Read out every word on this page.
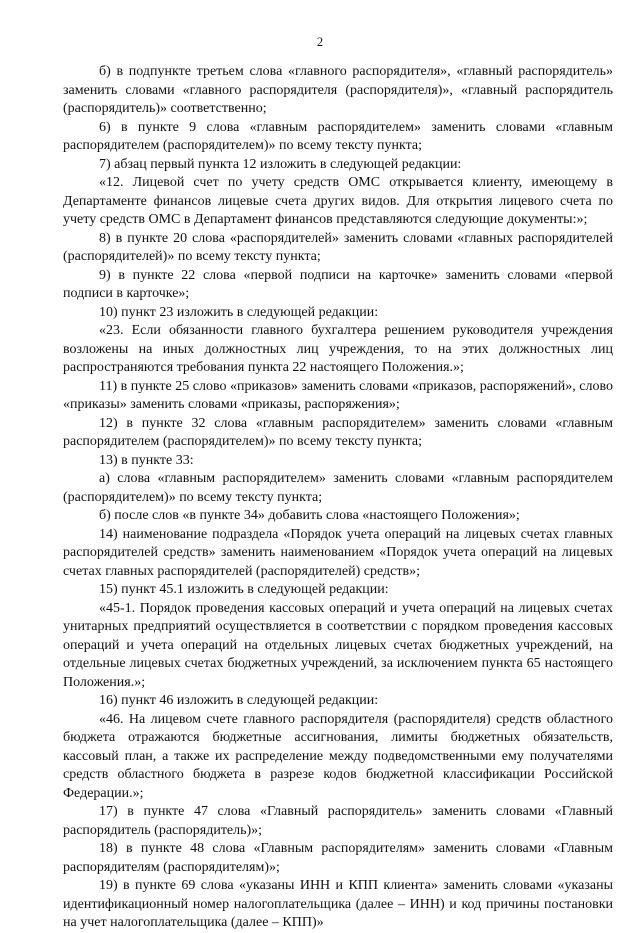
2

б) в подпункте третьем слова «главного распорядителя», «главный распорядитель» заменить словами «главного распорядителя (распорядителя)», «главный распорядитель (распорядитель)» соответственно;

6) в пункте 9 слова «главным распорядителем» заменить словами «главным распорядителем (распорядителем)» по всему тексту пункта;

7) абзац первый пункта 12 изложить в следующей редакции:

«12. Лицевой счет по учету средств ОМС открывается клиенту, имеющему в Департаменте финансов лицевые счета других видов. Для открытия лицевого счета по учету средств ОМС в Департамент финансов представляются следующие документы:»;

8) в пункте 20 слова «распорядителей» заменить словами «главных распорядителей (распорядителей)» по всему тексту пункта;

9) в пункте 22 слова «первой подписи на карточке» заменить словами «первой подписи в карточке»;

10) пункт 23 изложить в следующей редакции:

«23. Если обязанности главного бухгалтера решением руководителя учреждения возложены на иных должностных лиц учреждения, то на этих должностных лиц распространяются требования пункта 22 настоящего Положения.»;

11) в пункте 25 слово «приказов» заменить словами «приказов, распоряжений», слово «приказы» заменить словами «приказы, распоряжения»;

12) в пункте 32 слова «главным распорядителем» заменить словами «главным распорядителем (распорядителем)» по всему тексту пункта;

13) в пункте 33:

а) слова «главным распорядителем» заменить словами «главным распорядителем (распорядителем)» по всему тексту пункта;

б) после слов «в пункте 34» добавить слова «настоящего Положения»;

14) наименование подраздела «Порядок учета операций на лицевых счетах главных распорядителей средств» заменить наименованием «Порядок учета операций на лицевых счетах главных распорядителей (распорядителей) средств»;

15) пункт 45.1 изложить в следующей редакции:

«45-1. Порядок проведения кассовых операций и учета операций на лицевых счетах унитарных предприятий осуществляется в соответствии с порядком проведения кассовых операций и учета операций на отдельных лицевых счетах бюджетных учреждений, на отдельные лицевых счетах бюджетных учреждений, за исключением пункта 65 настоящего Положения.»;

16) пункт 46 изложить в следующей редакции:

«46. На лицевом счете главного распорядителя (распорядителя) средств областного бюджета отражаются бюджетные ассигнования, лимиты бюджетных обязательств, кассовый план, а также их распределение между подведомственными ему получателями средств областного бюджета в разрезе кодов бюджетной классификации Российской Федерации.»;

17) в пункте 47 слова «Главный распорядитель» заменить словами «Главный распорядитель (распорядитель)»;

18) в пункте 48 слова «Главным распорядителям» заменить словами «Главным распорядителям (распорядителям)»;

19) в пункте 69 слова «указаны ИНН и КПП клиента» заменить словами «указаны идентификационный номер налогоплательщика (далее – ИНН) и код причины постановки на учет налогоплательщика (далее – КПП)»
